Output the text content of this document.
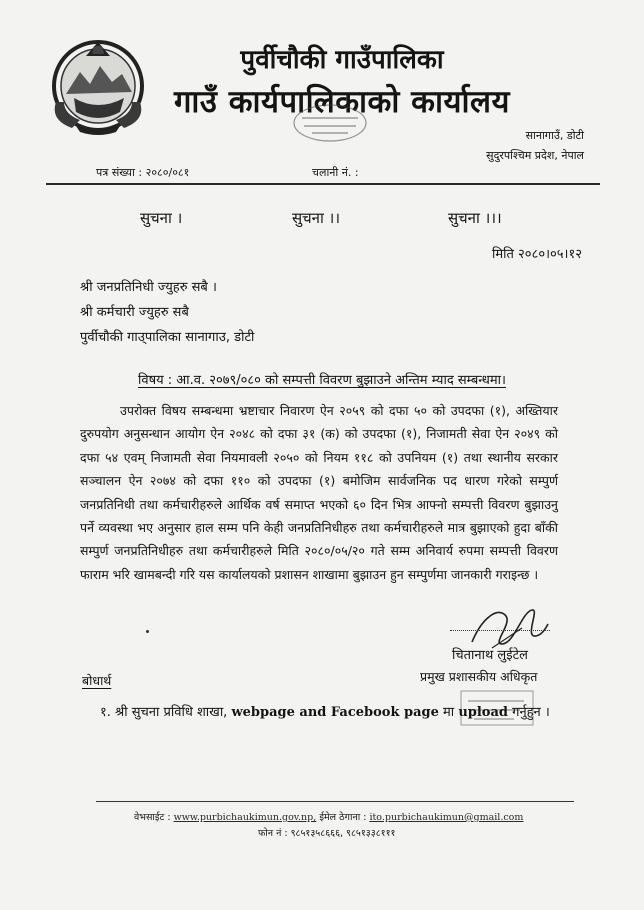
पुर्वीचौकी गाउँपालिका
गाउँ कार्यपालिकाको कार्यालय
सानागाउँ, डोटी
सुदुरपश्चिम प्रदेश, नेपाल
पत्र संख्या : २०८०/०८१	चलानी नं. :
सुचना ।	सुचना ।।	सुचना ।।।
मिति २०८०।०५।१२
श्री जनप्रतिनिधी ज्युहरु सबै ।
श्री कर्मचारी ज्युहरु सबै
पुर्वीचौकी गाउ्पालिका सानागाउ, डोटी
विषय : आ.व. २०७९/०८० को सम्पत्ती विवरण बुझाउने अन्तिम म्याद सम्बन्धमा।
उपरोक्त विषय सम्बन्धमा भ्रष्टाचार निवारण ऐन २०५९ को दफा ५० को उपदफा (१), अख्तियार दुरुपयोग अनुसन्धान आयोग ऐन २०४८ को दफा ३१ (क) को उपदफा (१), निजामती सेवा ऐन २०४९ को दफा ५४ एवम् निजामती सेवा नियमावली २०५० को नियम ११८ को उपनियम (१) तथा स्थानीय सरकार सञ्चालन ऐन २०७४ को दफा ११० को उपदफा (१) बमोजिम सार्वजनिक पद धारण गरेको सम्पुर्ण जनप्रतिनिधी तथा कर्मचारीहरुले आर्थिक वर्ष समाप्त भएको ६० दिन भित्र आफ्नो सम्पत्ती विवरण बुझाउनु पर्ने व्यवस्था भए अनुसार हाल सम्म पनि केही जनप्रतिनिधीहरु तथा कर्मचारीहरुले मात्र बुझाएको हुदा बाँकी सम्पुर्ण जनप्रतिनिधीहरु तथा कर्मचारीहरुले मिति २०८०/०५/२० गते सम्म अनिवार्य रुपमा सम्पत्ती विवरण फाराम भरि खामबन्दी गरि यस कार्यालयको प्रशासन शाखामा बुझाउन हुन सम्पुर्णमा जानकारी गराइन्छ ।
चितानाथ लुईटेल
प्रमुख प्रशासकीय अधिकृत
बोधार्थ
१. श्री सुचना प्रविधि शाखा, webpage and Facebook page मा upload गर्नुहुन ।
वेभसाईट : www.purbichaukimun.gov.np, ईमेल ठेगाना : ito.purbichaukimun@gmail.com
फोन नं : ९८५१३५८६६६, ९८५१३३८१११
